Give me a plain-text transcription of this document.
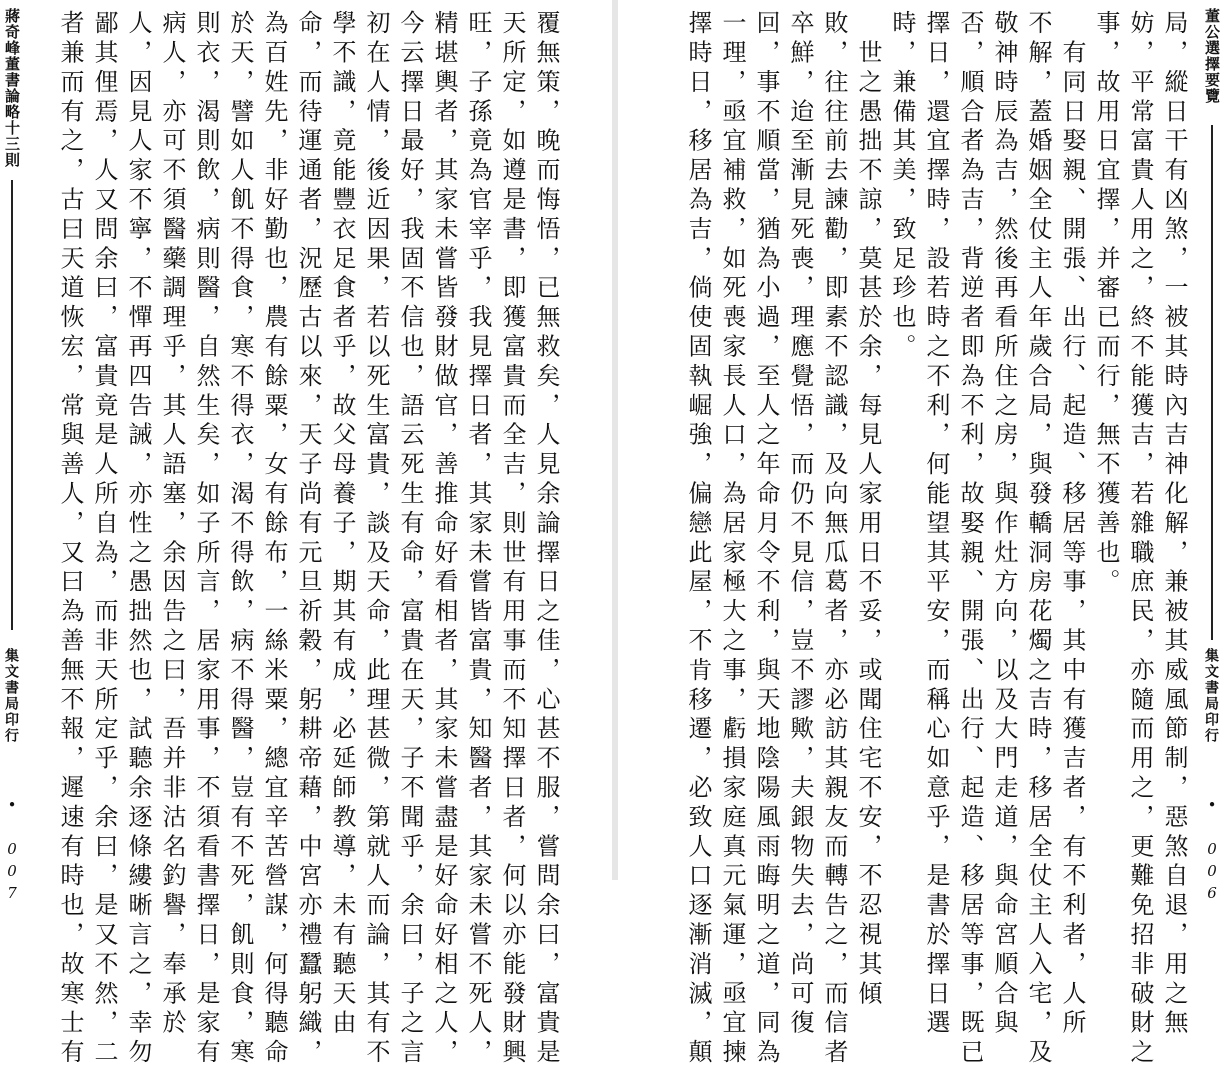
蔣奇峰董書論略十三則
集文書局印行
• 007	覆無策，晚而悔悟，已無救矣，人見余論擇日之佳，心甚不服，嘗問余曰，富貴是
天所定，如遵是書，即獲富貴而全吉，則世有用事而不知擇日者，何以亦能發財興
旺，子孫竟為官宰乎，我見擇日者，其家未嘗皆富貴，知醫者，其家未嘗不死人，
精堪輿者，其家未嘗皆發財做官，善推命好看相者，其家未嘗盡是好命好相之人，
今云擇日最好，我固不信也，語云死生有命，富貴在天，子不聞乎，余曰，子之言
初在人情，後近因果，若以死生富貴，談及天命，此理甚微，第就人而論，其有不
學不識，竟能豐衣足食者乎，故父母養子，期其有成，必延師教導，未有聽天由
命，而待運通者，況歷古以來，天子尚有元旦祈穀，躬耕帝藉，中宮亦禮蠶躬織，
為百姓先，非好勤也，農有餘粟，女有餘布，一絲米粟，總宜辛苦營謀，何得聽命
於天，譬如人飢不得食，寒不得衣，渴不得飲，病不得醫，豈有不死，飢則食，寒
則衣，渴則飲，病則醫，自然生矣，如子所言，居家用事，不須看書擇日，是家有
病人，亦可不須醫藥調理乎，其人語塞，余因告之曰，吾并非沽名釣譽，奉承於
人，因見人家不寧，不憚再四告誡，亦性之愚拙然也，試聽余逐條縷晰言之，幸勿
鄙其俚焉，人又問余曰，富貴竟是人所自為，而非天所定乎，余曰，是又不然，二
者兼而有之，古曰天道恢宏，常與善人，又曰為善無不報，遲速有時也，故寒士有	局，縱日干有凶煞，一被其時內吉神化解，兼被其威風節制，惡煞自退，用之無
妨，平常富貴人用之，終不能獲吉，若雜職庶民，亦隨而用之，更難免招非破財之
事，故用日宜擇，并審已而行，無不獲善也。
　有同日娶親、開張、出行、起造、移居等事，其中有獲吉者，有不利者，人所
不解，蓋婚姻全仗主人年歲合局，與發轎洞房花燭之吉時，移居全仗主人入宅，及
敬神時辰為吉，然後再看所住之房，與作灶方向，以及大門走道，與命宮順合與
否，順合者為吉，背逆者即為不利，故娶親、開張、出行、起造、移居等事，既已
擇日，還宜擇時，設若時之不利，何能望其平安，而稱心如意乎，是書於擇日選
時，兼備其美，致足珍也。
　世之愚拙不諒，莫甚於余，每見人家用日不妥，或聞住宅不安，不忍視其傾
敗，往往前去諫勸，即素不認識，及向無瓜葛者，亦必訪其親友而轉告之，而信者
卒鮮，迨至漸見死喪，理應覺悟，而仍不見信，豈不謬歟，夫銀物失去，尚可復
回，事不順當，猶為小過，至人之年命月令不利，與天地陰陽風雨晦明之道，同為
一理，亟宜補救，如死喪家長人口，為居家極大之事，虧損家庭真元氣運，亟宜揀
擇時日，移居為吉，倘使固執崛強，偏戀此屋，不肯移遷，必致人口逐漸消滅，顛	董公選擇要覽
集文書局印行
• 006
